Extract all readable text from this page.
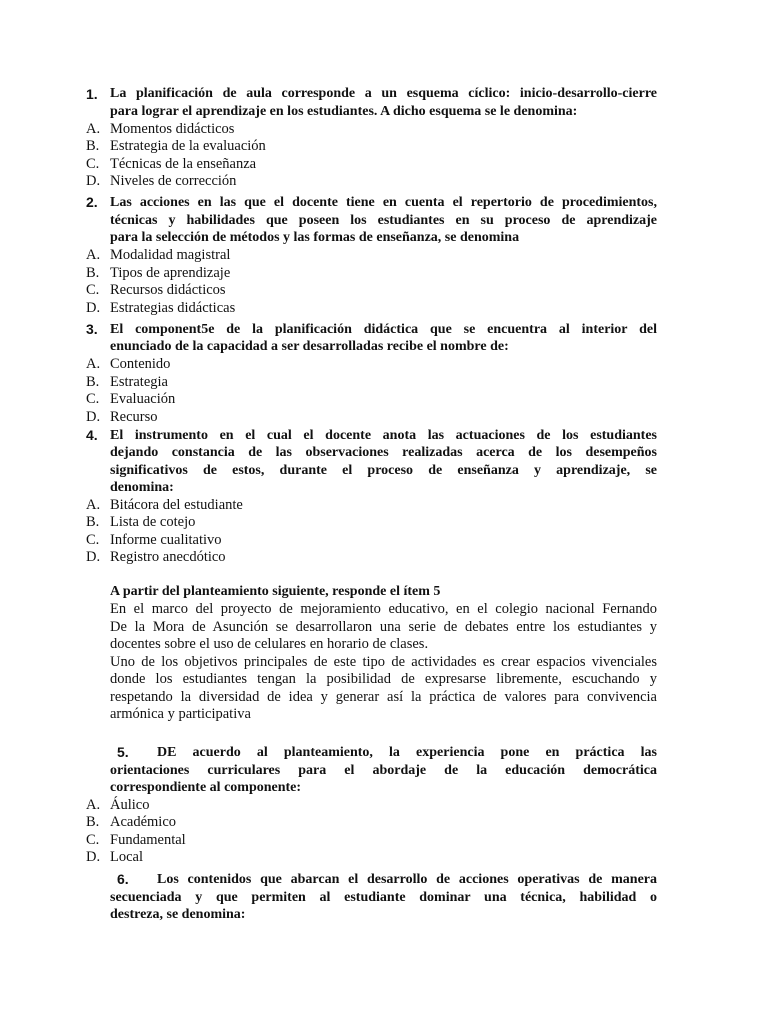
1. La planificación de aula corresponde a un esquema cíclico: inicio-desarrollo-cierre
para lograr el aprendizaje en los estudiantes. A dicho esquema se le denomina:
A. Momentos didácticos
B. Estrategia de la evaluación
C. Técnicas de la enseñanza
D. Niveles de corrección
2. Las acciones en las que el docente tiene en cuenta el repertorio de procedimientos,
técnicas y habilidades que poseen los estudiantes en su proceso de aprendizaje
para la selección de métodos y las formas de enseñanza, se denomina
A. Modalidad magistral
B. Tipos de aprendizaje
C. Recursos didácticos
D. Estrategias didácticas
3. El component5e de la planificación didáctica que se encuentra al interior del
enunciado de la capacidad a ser desarrolladas recibe el nombre de:
A. Contenido
B. Estrategia
C. Evaluación
D. Recurso
4. El instrumento en el cual el docente anota las actuaciones de los estudiantes
dejando constancia de las observaciones realizadas acerca de los desempeños
significativos de estos, durante el proceso de enseñanza y aprendizaje, se
denomina:
A. Bitácora del estudiante
B. Lista de cotejo
C. Informe cualitativo
D. Registro anecdótico
A partir del planteamiento siguiente, responde el ítem 5
En el marco del proyecto de mejoramiento educativo, en el colegio nacional Fernando
De la Mora de Asunción se desarrollaron una serie de debates entre los estudiantes y
docentes sobre el uso de celulares en horario de clases.
Uno de los objetivos principales de este tipo de actividades es crear espacios vivenciales
donde los estudiantes tengan la posibilidad de expresarse libremente, escuchando y
respetando la diversidad de idea y generar así la práctica de valores para convivencia
armónica y participativa
5. DE acuerdo al planteamiento, la experiencia pone en práctica las
orientaciones curriculares para el abordaje de la educación democrática
correspondiente al componente:
A. Áulico
B. Académico
C. Fundamental
D. Local
6. Los contenidos que abarcan el desarrollo de acciones operativas de manera
secuenciada y que permiten al estudiante dominar una técnica, habilidad o
destreza, se denomina:
